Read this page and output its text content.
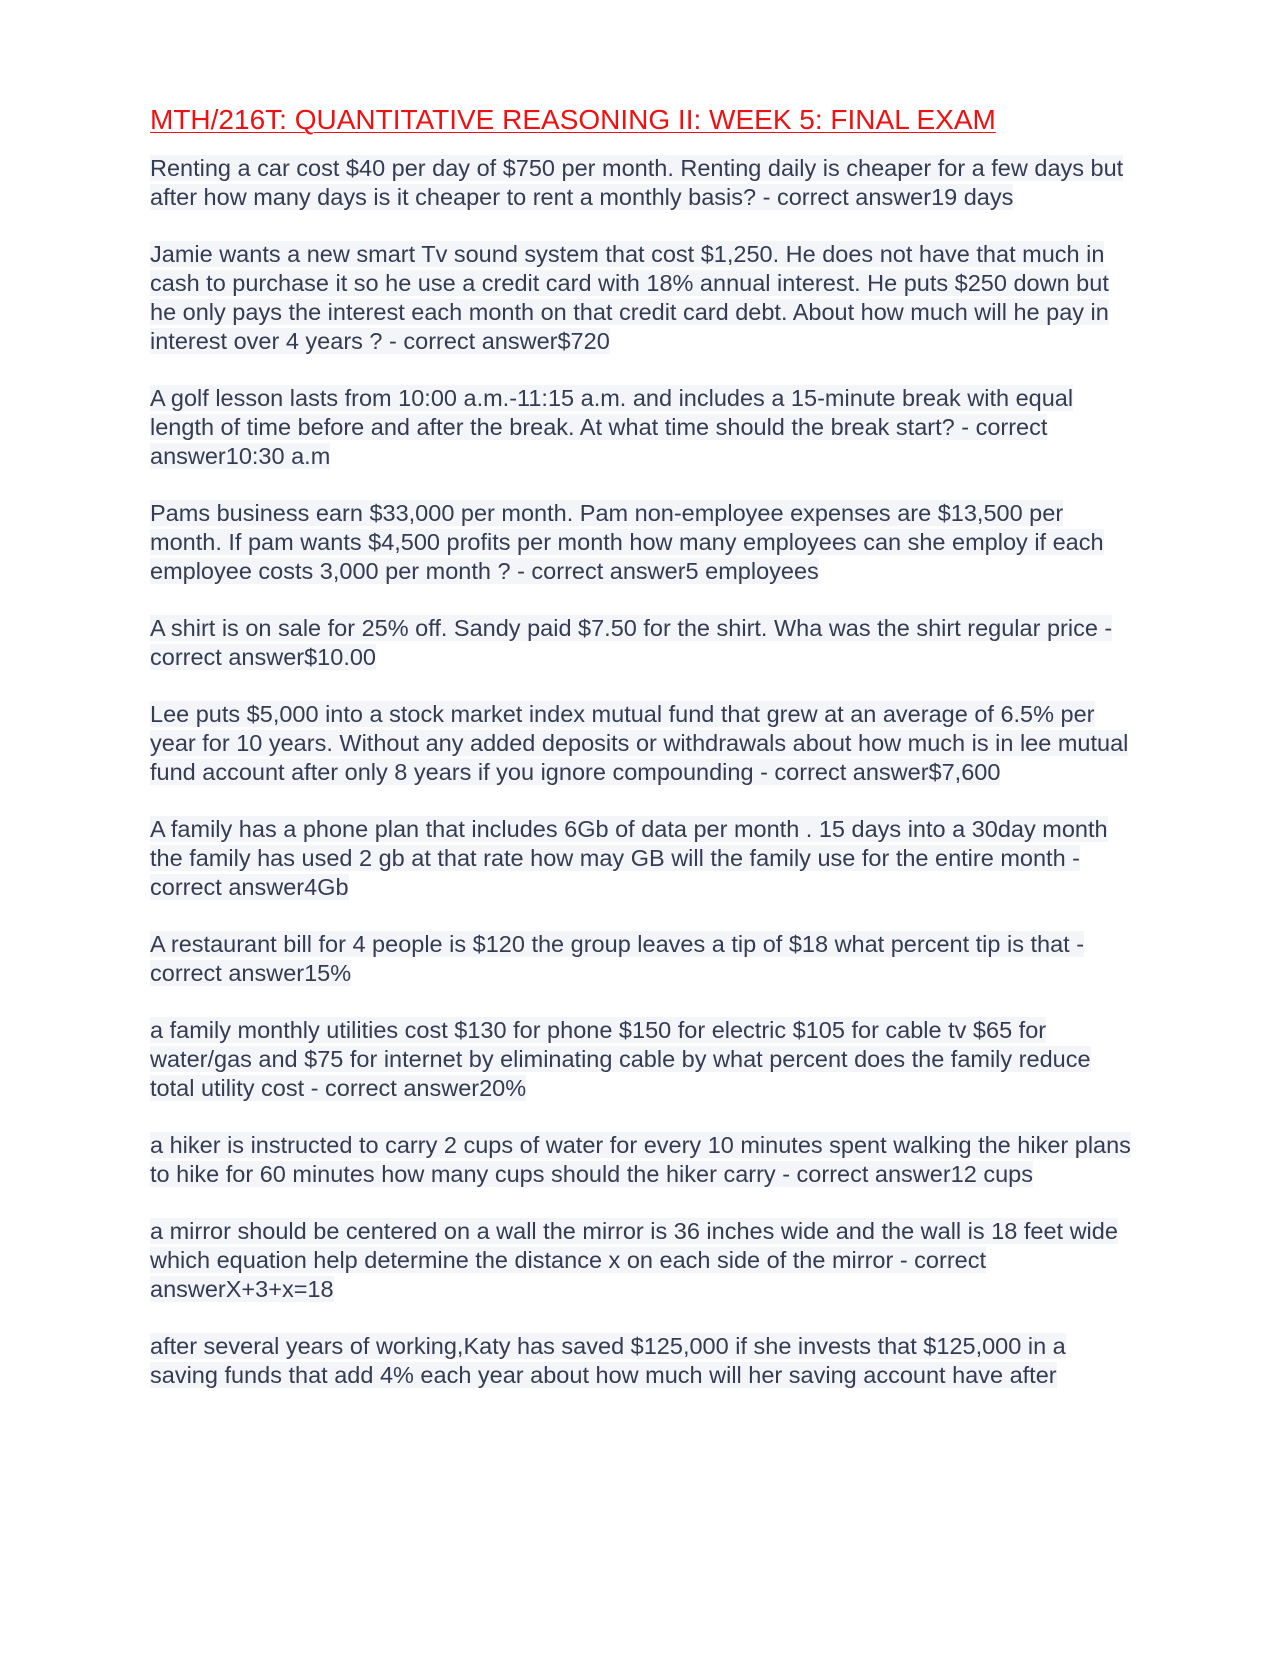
MTH/216T: QUANTITATIVE REASONING II: WEEK 5: FINAL EXAM

Renting a car cost $40 per day of $750 per month. Renting daily is cheaper for a few days but after how many days is it cheaper to rent a monthly basis? - correct answer19 days

Jamie wants a new smart Tv sound system that cost $1,250. He does not have that much in cash to purchase it so he use a credit card with 18% annual interest. He puts $250 down but he only pays the interest each month on that credit card debt. About how much will he pay in interest over 4 years ? - correct answer$720

A golf lesson lasts from 10:00 a.m.-11:15 a.m. and includes a 15-minute break with equal length of time before and after the break. At what time should the break start? - correct answer10:30 a.m

Pams business earn $33,000 per month. Pam non-employee expenses are $13,500 per month. If pam wants $4,500 profits per month how many employees can she employ if each employee costs 3,000 per month ? - correct answer5 employees

A shirt is on sale for 25% off. Sandy paid $7.50 for the shirt. Wha was the shirt regular price - correct answer$10.00

Lee puts $5,000 into a stock market index mutual fund that grew at an average of 6.5% per year for 10 years. Without any added deposits or withdrawals about how much is in lee mutual fund account after only 8 years if you ignore compounding - correct answer$7,600

A family has a phone plan that includes 6Gb of data per month . 15 days into a 30day month the family has used 2 gb at that rate how may GB will the family use for the entire month - correct answer4Gb

A restaurant bill for 4 people is $120 the group leaves a tip of $18 what percent tip is that - correct answer15%

a family monthly utilities cost $130 for phone $150 for electric $105 for cable tv $65 for water/gas and $75 for internet by eliminating cable by what percent does the family reduce total utility cost - correct answer20%

a hiker is instructed to carry 2 cups of water for every 10 minutes spent walking the hiker plans to hike for 60 minutes how many cups should the hiker carry - correct answer12 cups

a mirror should be centered on a wall the mirror is 36 inches wide and the wall is 18 feet wide which equation help determine the distance x on each side of the mirror - correct answerX+3+x=18

after several years of working,Katy has saved $125,000 if she invests that $125,000 in a saving funds that add 4% each year about how much will her saving account have after
